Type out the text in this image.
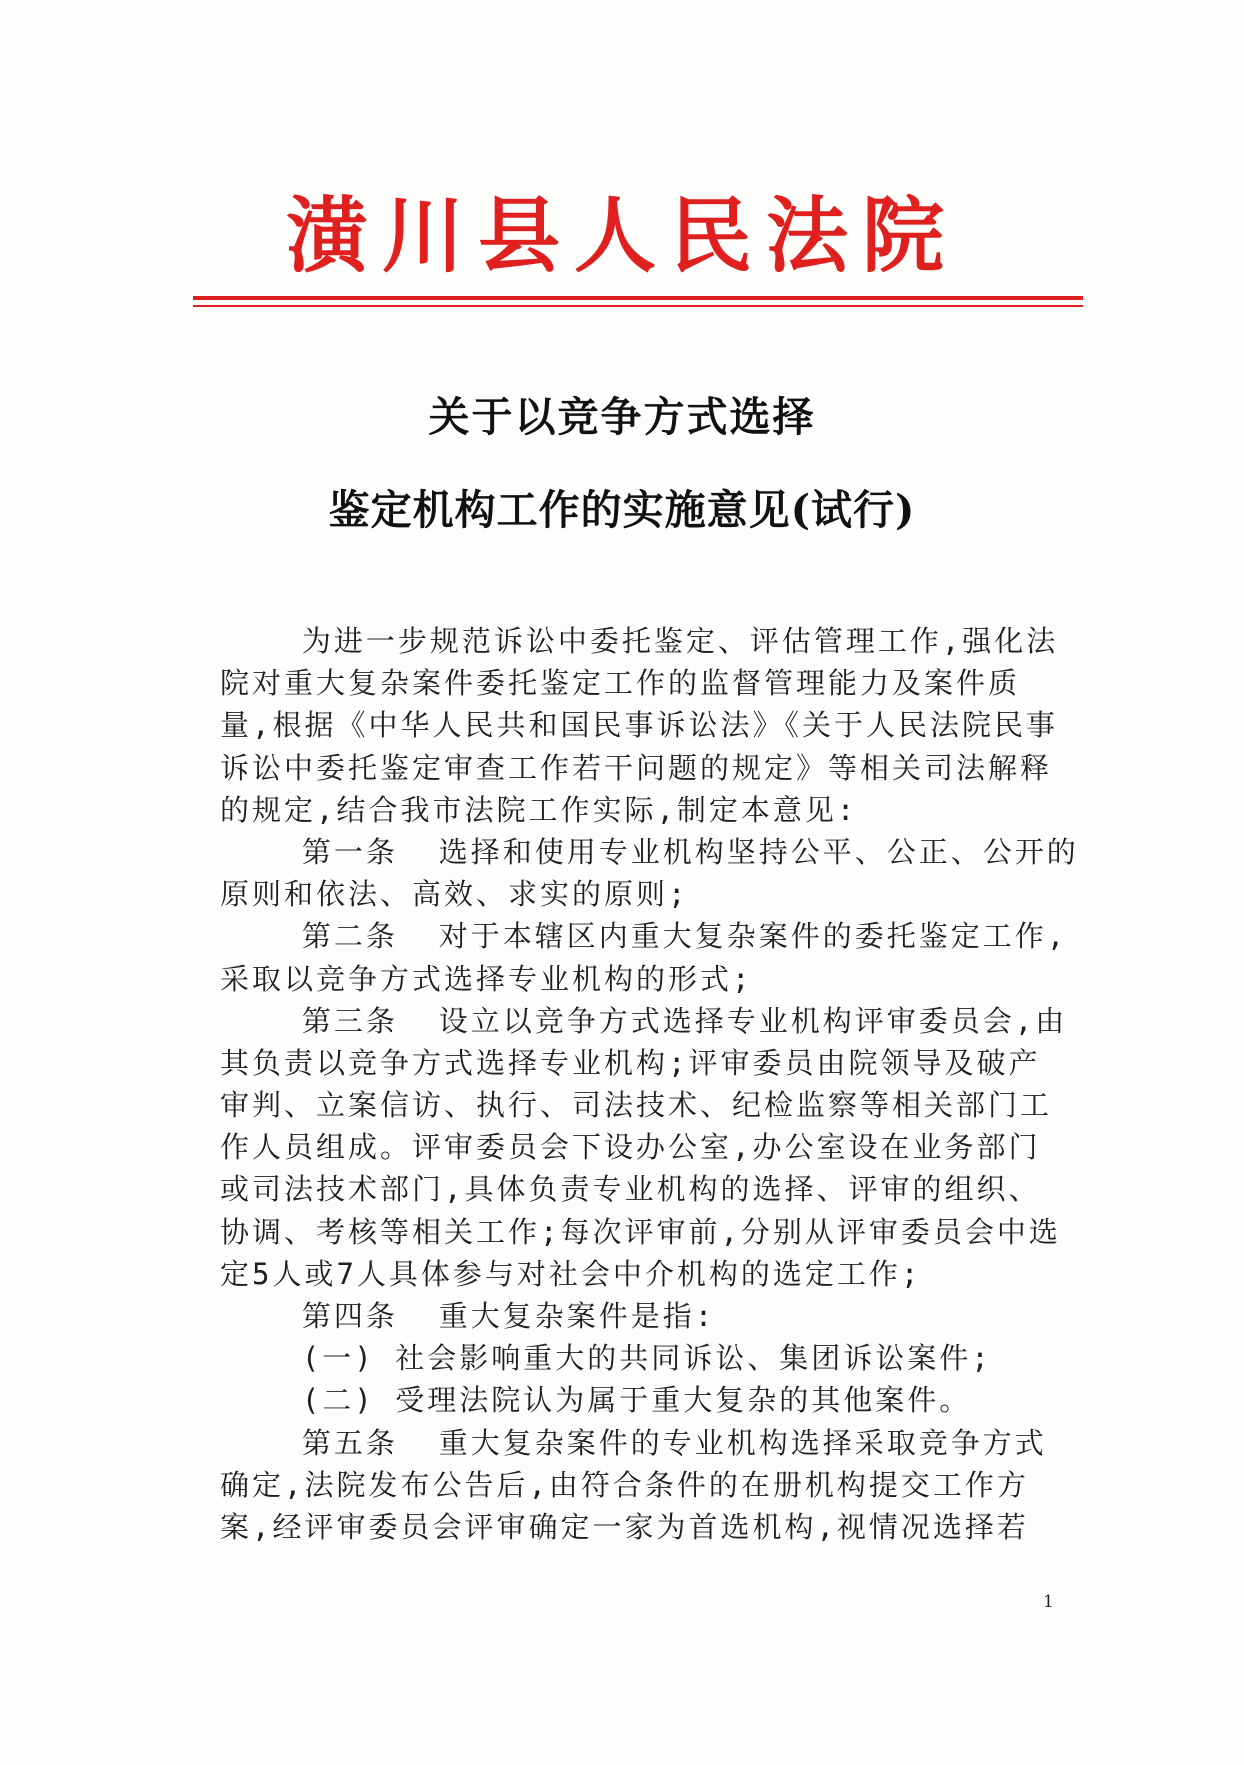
潢川县人民法院
关于以竞争方式选择
鉴定机构工作的实施意见(试行)
为进一步规范诉讼中委托鉴定、评估管理工作,强化法
院对重大复杂案件委托鉴定工作的监督管理能力及案件质
量,根据《中华人民共和国民事诉讼法》《关于人民法院民事
诉讼中委托鉴定审查工作若干问题的规定》等相关司法解释
的规定,结合我市法院工作实际,制定本意见:
第一条  选择和使用专业机构坚持公平、公正、公开的
原则和依法、高效、求实的原则;
第二条  对于本辖区内重大复杂案件的委托鉴定工作,
采取以竞争方式选择专业机构的形式;
第三条  设立以竞争方式选择专业机构评审委员会,由
其负责以竞争方式选择专业机构;评审委员由院领导及破产
审判、立案信访、执行、司法技术、纪检监察等相关部门工
作人员组成。评审委员会下设办公室,办公室设在业务部门
或司法技术部门,具体负责专业机构的选择、评审的组织、
协调、考核等相关工作;每次评审前,分别从评审委员会中选
定5人或7人具体参与对社会中介机构的选定工作;
第四条  重大复杂案件是指:
(一) 社会影响重大的共同诉讼、集团诉讼案件;
(二) 受理法院认为属于重大复杂的其他案件。
第五条  重大复杂案件的专业机构选择采取竞争方式
确定,法院发布公告后,由符合条件的在册机构提交工作方
案,经评审委员会评审确定一家为首选机构,视情况选择若
1
